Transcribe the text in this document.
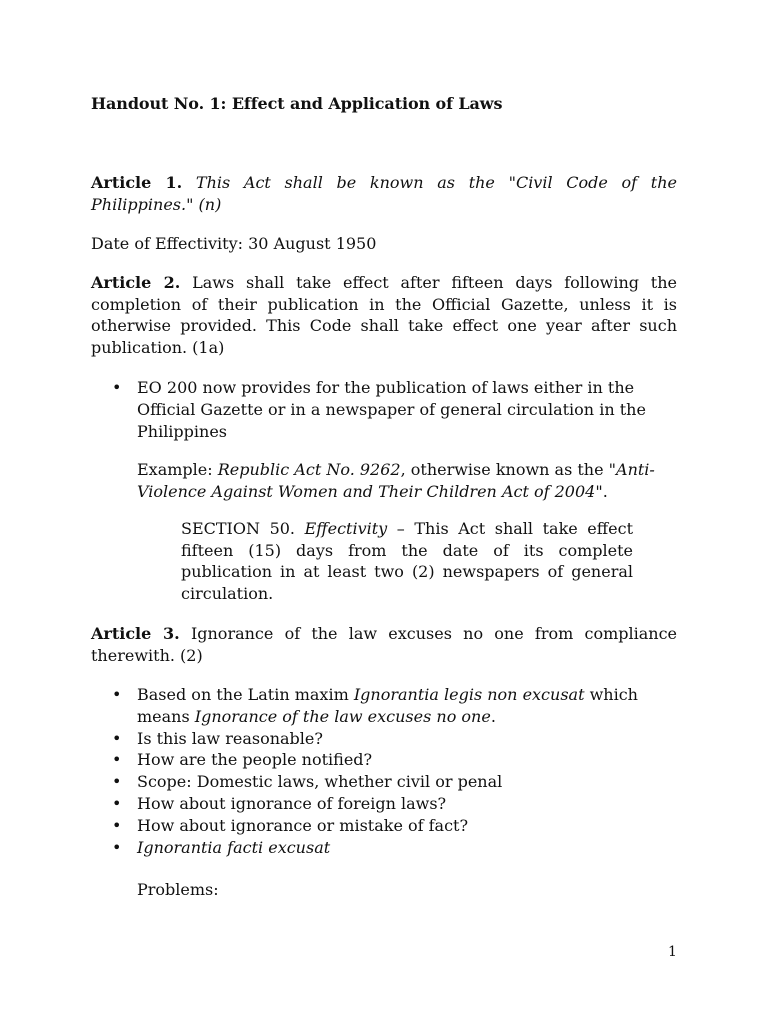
Handout No. 1: Effect and Application of Laws
Article 1. This Act shall be known as the "Civil Code of the Philippines." (n)
Date of Effectivity: 30 August 1950
Article 2. Laws shall take effect after fifteen days following the completion of their publication in the Official Gazette, unless it is otherwise provided. This Code shall take effect one year after such publication. (1a)
• EO 200 now provides for the publication of laws either in the Official Gazette or in a newspaper of general circulation in the Philippines
Example: Republic Act No. 9262, otherwise known as the "Anti-Violence Against Women and Their Children Act of 2004".
SECTION 50. Effectivity – This Act shall take effect fifteen (15) days from the date of its complete publication in at least two (2) newspapers of general circulation.
Article 3. Ignorance of the law excuses no one from compliance therewith. (2)
• Based on the Latin maxim Ignorantia legis non excusat which means Ignorance of the law excuses no one.
• Is this law reasonable?
• How are the people notified?
• Scope: Domestic laws, whether civil or penal
• How about ignorance of foreign laws?
• How about ignorance or mistake of fact?
• Ignorantia facti excusat
Problems:
1
